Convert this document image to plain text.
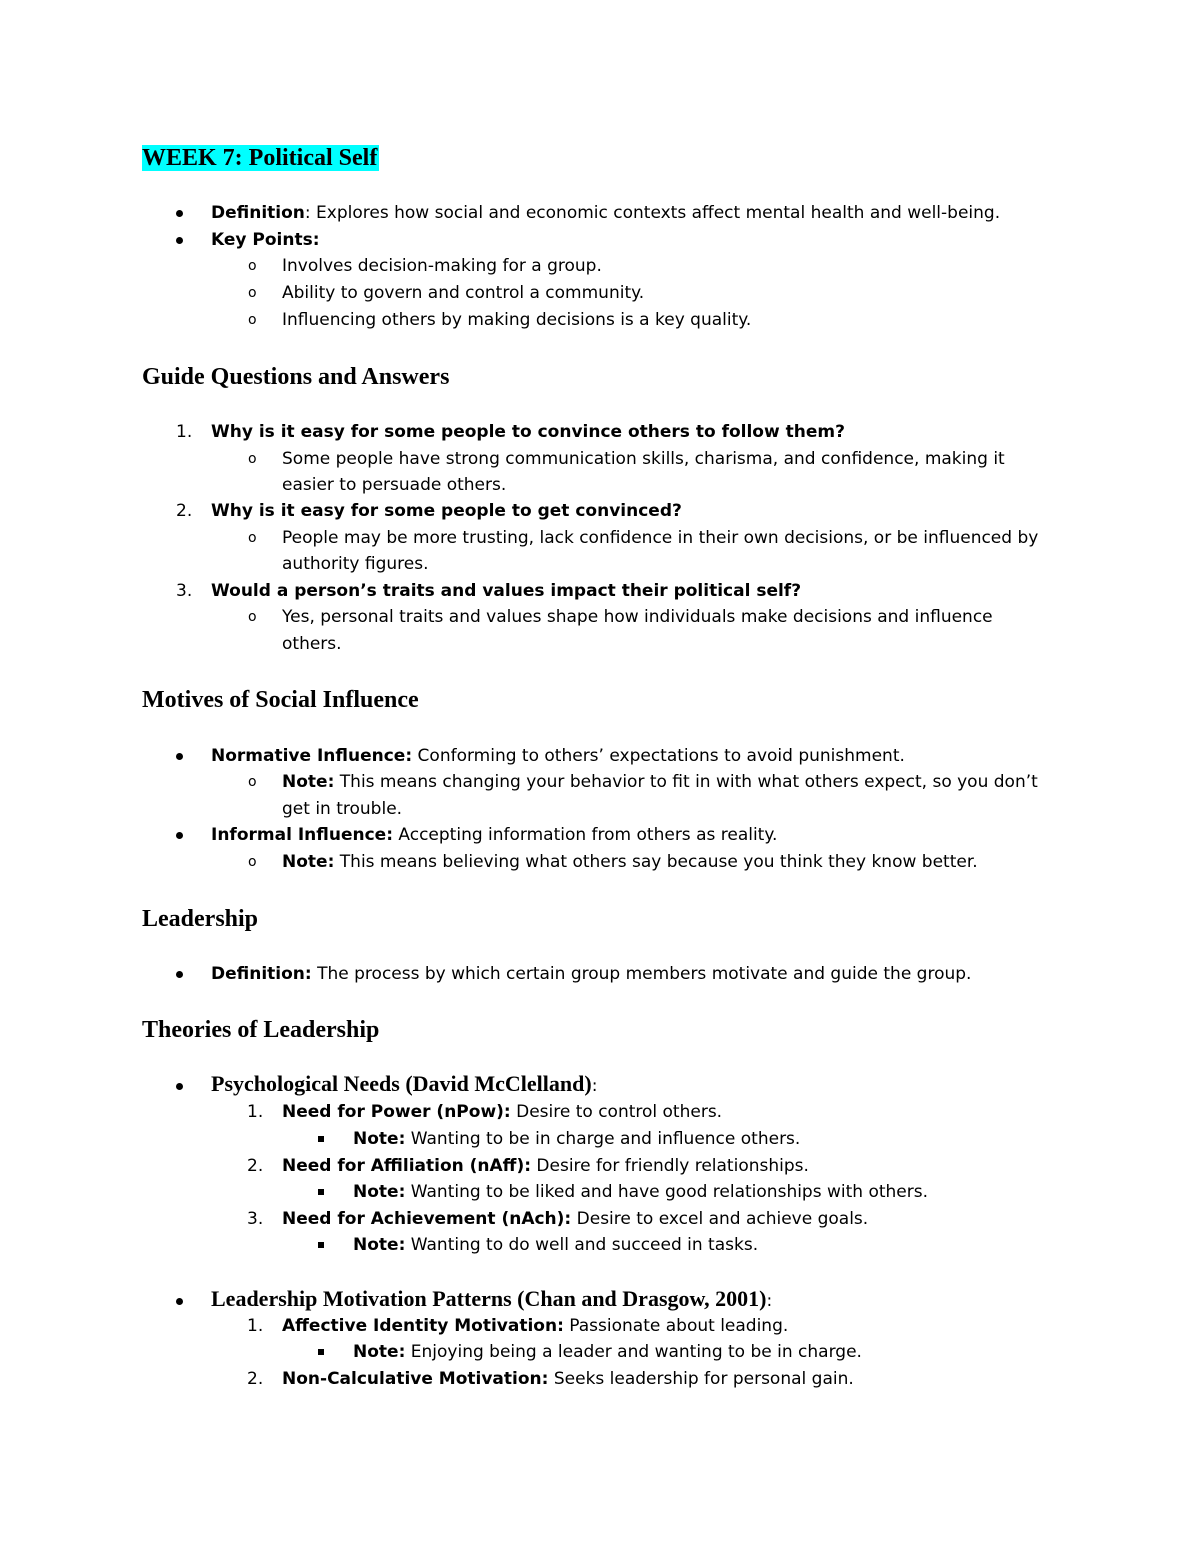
WEEK 7: Political Self
Definition: Explores how social and economic contexts affect mental health and well-being.
Key Points:
o Involves decision-making for a group.
o Ability to govern and control a community.
o Influencing others by making decisions is a key quality.
Guide Questions and Answers
1. Why is it easy for some people to convince others to follow them?
o Some people have strong communication skills, charisma, and confidence, making it
easier to persuade others.
2. Why is it easy for some people to get convinced?
o People may be more trusting, lack confidence in their own decisions, or be influenced by
authority figures.
3. Would a person’s traits and values impact their political self?
o Yes, personal traits and values shape how individuals make decisions and influence
others.
Motives of Social Influence
Normative Influence: Conforming to others’ expectations to avoid punishment.
o Note: This means changing your behavior to fit in with what others expect, so you don’t
get in trouble.
Informal Influence: Accepting information from others as reality.
o Note: This means believing what others say because you think they know better.
Leadership
Definition: The process by which certain group members motivate and guide the group.
Theories of Leadership
Psychological Needs (David McClelland):
1. Need for Power (nPow): Desire to control others.
Note: Wanting to be in charge and influence others.
2. Need for Affiliation (nAff): Desire for friendly relationships.
Note: Wanting to be liked and have good relationships with others.
3. Need for Achievement (nAch): Desire to excel and achieve goals.
Note: Wanting to do well and succeed in tasks.
Leadership Motivation Patterns (Chan and Drasgow, 2001):
1. Affective Identity Motivation: Passionate about leading.
Note: Enjoying being a leader and wanting to be in charge.
2. Non-Calculative Motivation: Seeks leadership for personal gain.
